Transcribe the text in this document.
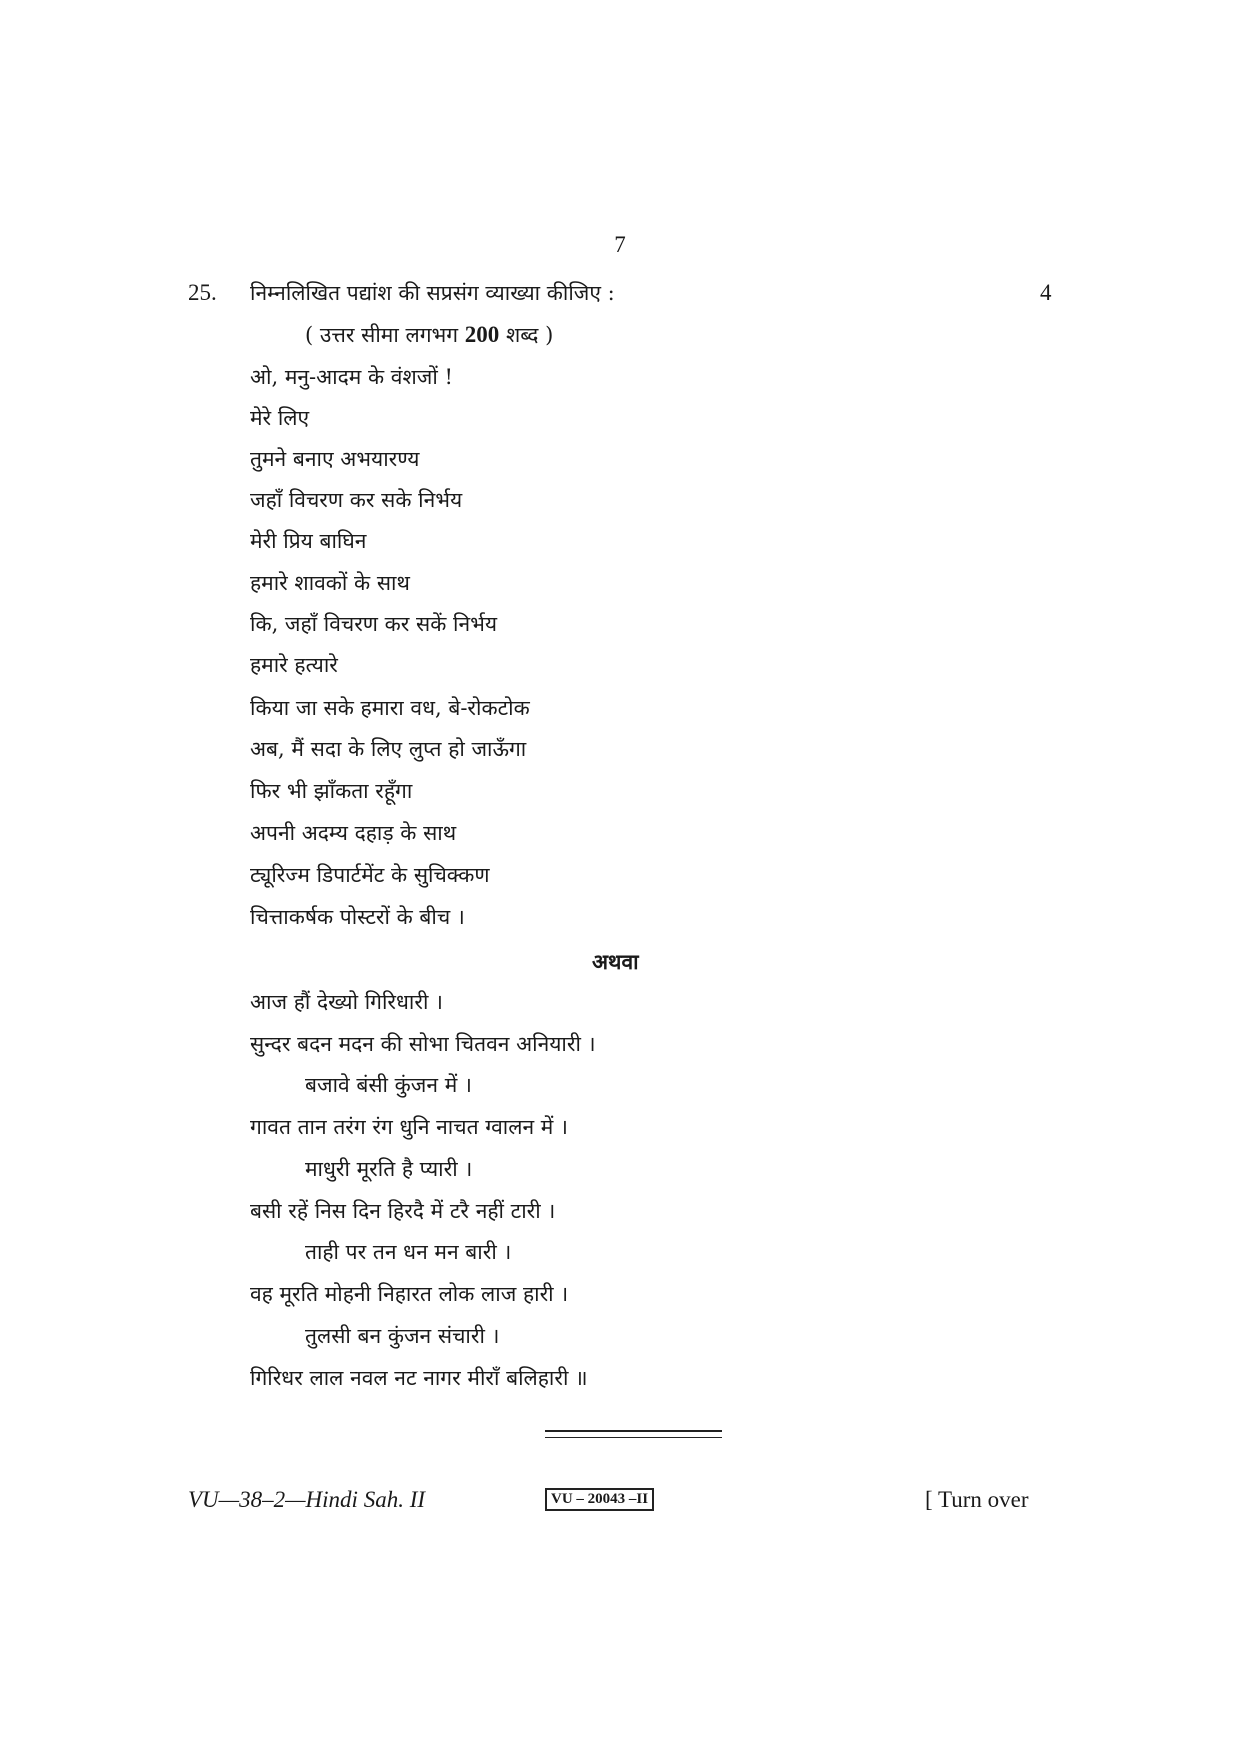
7
25. निम्नलिखित पद्यांश की सप्रसंग व्याख्या कीजिए :	4
( उत्तर सीमा लगभग 200 शब्द )
ओ, मनु-आदम के वंशजों !
मेरे लिए
तुमने बनाए अभयारण्य
जहाँ विचरण कर सके निर्भय
मेरी प्रिय बाघिन
हमारे शावकों के साथ
कि, जहाँ विचरण कर सकें निर्भय
हमारे हत्यारे
किया जा सके हमारा वध, बे-रोकटोक
अब, मैं सदा के लिए लुप्त हो जाऊँगा
फिर भी झाँकता रहूँगा
अपनी अदम्य दहाड़ के साथ
ट्यूरिज्म डिपार्टमेंट के सुचिक्कण
चित्ताकर्षक पोस्टरों के बीच ।
अथवा
आज हौं देख्यो गिरिधारी ।
सुन्दर बदन मदन की सोभा चितवन अनियारी ।
बजावे बंसी कुंजन में ।
गावत तान तरंग रंग धुनि नाचत ग्वालन में ।
माधुरी मूरति है प्यारी ।
बसी रहें निस दिन हिरदै में टरै नहीं टारी ।
ताही पर तन धन मन बारी ।
वह मूरति मोहनी निहारत लोक लाज हारी ।
तुलसी बन कुंजन संचारी ।
गिरिधर लाल नवल नट नागर मीराँ बलिहारी ॥
VU—38–2—Hindi Sah. II	VU – 20043 –II	[ Turn over
